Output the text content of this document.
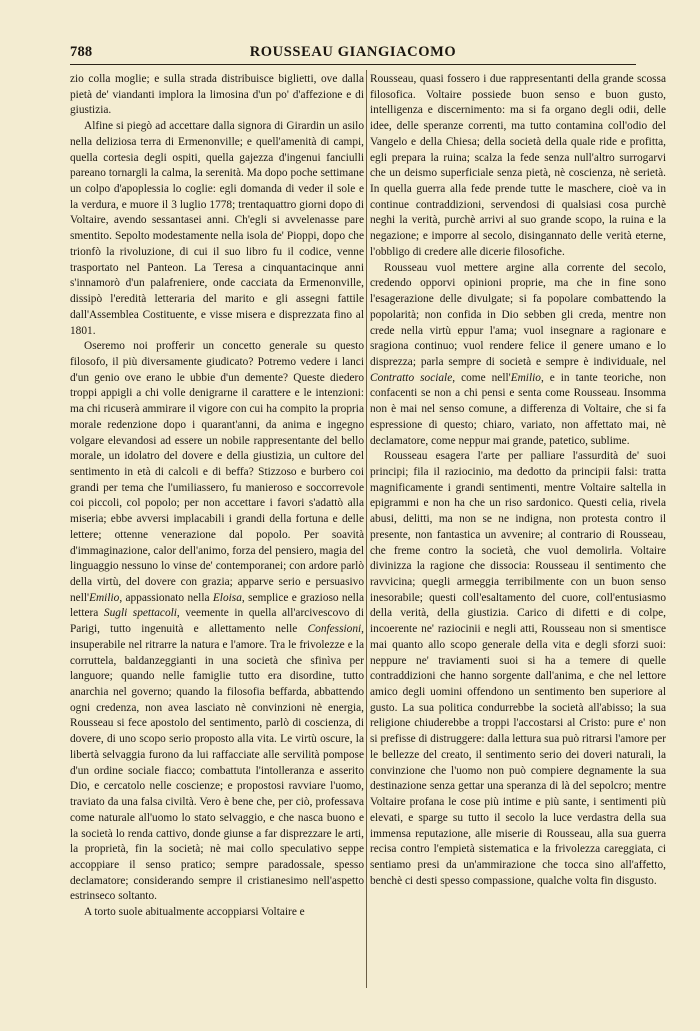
788	ROUSSEAU GIANGIACOMO

zio colla moglie; e sulla strada distribuisce biglietti, ove dalla pietà de' viandanti implora la limosina d'un po' d'affezione e di giustizia.

Alfine si piegò ad accettare dalla signora di Girardin un asilo nella deliziosa terra di Ermenonville; e quell'amenità di campi, quella cortesia degli ospiti, quella gajezza d'ingenui fanciulli pareano tornargli la calma, la serenità. Ma dopo poche settimane un colpo d'apoplessia lo coglie: egli domanda di veder il sole e la verdura, e muore il 3 luglio 1778; trentaquattro giorni dopo di Voltaire, avendo sessantasei anni. Ch'egli si avvelenasse pare smentito. Sepolto modestamente nella isola de' Pioppi, dopo che trionfò la rivoluzione, di cui il suo libro fu il codice, venne trasportato nel Panteon. La Teresa a cinquantacinque anni s'innamorò d'un palafreniere, onde cacciata da Ermenonville, dissipò l'eredità letteraria del marito e gli assegni fattile dall'Assemblea Costituente, e visse misera e disprezzata fino al 1801.

Oseremo noi profferir un concetto generale su questo filosofo, il più diversamente giudicato? Potremo vedere i lanci d'un genio ove erano le ubbie d'un demente? Queste diedero troppi appigli a chi volle denigrarne il carattere e le intenzioni: ma chi ricuserà ammirare il vigore con cui ha compito la propria morale redenzione dopo i quarant'anni, da anima e ingegno volgare elevandosi ad essere un nobile rappresentante del bello morale, un idolatro del dovere e della giustizia, un cultore del sentimento in età di calcoli e di beffa? Stizzoso e burbero coi grandi per tema che l'umiliassero, fu manieroso e soccorrevole coi piccoli, col popolo; per non accettare i favori s'adattò alla miseria; ebbe avversi implacabili i grandi della fortuna e delle lettere; ottenne venerazione dal popolo. Per soavità d'immaginazione, calor dell'animo, forza del pensiero, magia del linguaggio nessuno lo vinse de' contemporanei; con ardore parlò della virtù, del dovere con grazia; apparve serio e persuasivo nell'Emilio, appassionato nella Eloisa, semplice e grazioso nella lettera Sugli spettacoli, veemente in quella all'arcivescovo di Parigi, tutto ingenuità e allettamento nelle Confessioni, insuperabile nel ritrarre la natura e l'amore. Tra le frivolezze e la corruttela, baldanzeggianti in una società che sfinìva per languore; quando nelle famiglie tutto era disordine, tutto anarchia nel governo; quando la filosofia beffarda, abbattendo ogni credenza, non avea lasciato nè convinzioni nè energia, Rousseau si fece apostolo del sentimento, parlò di coscienza, di dovere, di uno scopo serio proposto alla vita. Le virtù oscure, la libertà selvaggia furono da lui raffacciate alle servilità pompose d'un ordine sociale fiacco; combattuta l'intolleranza e asserito Dio, e cercatolo nelle coscienze; e propostosi ravviare l'uomo, traviato da una falsa civiltà. Vero è bene che, per ciò, professava come naturale all'uomo lo stato selvaggio, e che nasca buono e la società lo renda cattivo, donde giunse a far disprezzare le arti, la proprietà, fin la società; nè mai collo speculativo seppe accoppiare il senso pratico; sempre paradossale, spesso declamatore; considerando sempre il cristianesimo nell'aspetto estrinseco soltanto.

A torto suole abitualmente accoppiarsi Voltaire e

Rousseau, quasi fossero i due rappresentanti della grande scossa filosofica. Voltaire possiede buon senso e buon gusto, intelligenza e discernimento: ma si fa organo degli odii, delle idee, delle speranze correnti, ma tutto contamina coll'odio del Vangelo e della Chiesa; della società della quale ride e profitta, egli prepara la ruina; scalza la fede senza null'altro surrogarvi che un deismo superficiale senza pietà, nè coscienza, nè serietà. In quella guerra alla fede prende tutte le maschere, cioè va in continue contraddizioni, servendosi di qualsiasi cosa purchè neghi la verità, purchè arrivi al suo grande scopo, la ruina e la negazione; e imporre al secolo, disingannato delle verità eterne, l'obbligo di credere alle dicerie filosofiche.

Rousseau vuol mettere argine alla corrente del secolo, credendo opporvi opinioni proprie, ma che in fine sono l'esagerazione delle divulgate; si fa popolare combattendo la popolarità; non confida in Dio sebben gli creda, mentre non crede nella virtù eppur l'ama; vuol insegnare a ragionare e sragiona continuo; vuol rendere felice il genere umano e lo disprezza; parla sempre di società e sempre è individuale, nel Contratto sociale, come nell'Emilio, e in tante teoriche, non confacenti se non a chi pensi e senta come Rousseau. Insomma non è mai nel senso comune, a differenza di Voltaire, che si fa espressione di questo; chiaro, variato, non affettato mai, nè declamatore, come neppur mai grande, patetico, sublime.

Rousseau esagera l'arte per palliare l'assurdità de' suoi principi; fila il raziocinio, ma dedotto da principii falsi: tratta magnificamente i grandi sentimenti, mentre Voltaire saltella in epigrammi e non ha che un riso sardonico. Questi celia, rivela abusi, delitti, ma non se ne indigna, non protesta contro il presente, non fantastica un avvenire; al contrario di Rousseau, che freme contro la società, che vuol demolirla. Voltaire divinizza la ragione che dissocia: Rousseau il sentimento che ravvicina; quegli armeggia terribilmente con un buon senso inesorabile; questi coll'esaltamento del cuore, coll'entusiasmo della verità, della giustizia. Carico di difetti e di colpe, incoerente ne' raziocinii e negli atti, Rousseau non si smentisce mai quanto allo scopo generale della vita e degli sforzi suoi: neppure ne' traviamenti suoi si ha a temere di quelle contraddizioni che hanno sorgente dall'anima, e che nel lettore amico degli uomini offendono un sentimento ben superiore al gusto. La sua politica condurrebbe la società all'abisso; la sua religione chiuderebbe a troppi l'accostarsi al Cristo: pure e' non si prefisse di distruggere: dalla lettura sua può ritrarsi l'amore per le bellezze del creato, il sentimento serio dei doveri naturali, la convinzione che l'uomo non può compiere degnamente la sua destinazione senza gettar una speranza di là del sepolcro; mentre Voltaire profana le cose più intime e più sante, i sentimenti più elevati, e sparge su tutto il secolo la luce verdastra della sua immensa reputazione, alle miserie di Rousseau, alla sua guerra recisa contro l'empietà sistematica e la frivolezza careggiata, ci sentiamo presi da un'ammirazione che tocca sino all'affetto, benchè ci desti spesso compassione, qualche volta fin disgusto.
